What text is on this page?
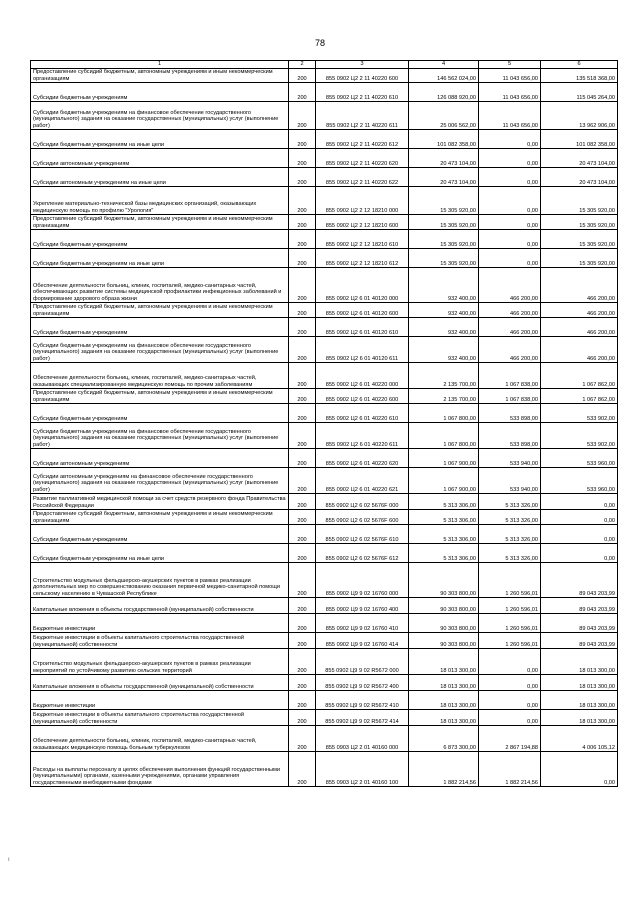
78
1	2	3	4	5	6
Предоставление субсидий бюджетным, автономным учреждениям и иным некоммерческим организациям	200	855 0902 Ц2 2 11 40220 600	146 562 024,00	11 043 656,00	135 518 368,00
Субсидии бюджетным учреждениям	200	855 0902 Ц2 2 11 40220 610	126 088 920,00	11 043 656,00	115 045 264,00
Субсидии бюджетным учреждениям на финансовое обеспечение государственного (муниципального) задания на оказание государственных (муниципальных) услуг (выполнение работ)	200	855 0902 Ц2 2 11 40220 611	25 006 562,00	11 043 656,00	13 962 906,00
Субсидии бюджетным учреждениям на иные цели	200	855 0902 Ц2 2 11 40220 612	101 082 358,00	0,00	101 082 358,00
Субсидии автономным учреждениям	200	855 0902 Ц2 2 11 40220 620	20 473 104,00	0,00	20 473 104,00
Субсидии автономным учреждениям на иные цели	200	855 0902 Ц2 2 11 40220 622	20 473 104,00	0,00	20 473 104,00
Укрепление материально-технической базы медицинских организаций, оказывающих медицинскую помощь по профилю "Урология"	200	855 0902 Ц2 2 12 18210 000	15 305 920,00	0,00	15 305 920,00
Предоставление субсидий бюджетным, автономным учреждениям и иным некоммерческим организациям	200	855 0902 Ц2 2 12 18210 600	15 305 920,00	0,00	15 305 920,00
Субсидии бюджетным учреждениям	200	855 0902 Ц2 2 12 18210 610	15 305 920,00	0,00	15 305 920,00
Субсидии бюджетным учреждениям на иные цели	200	855 0902 Ц2 2 12 18210 612	15 305 920,00	0,00	15 305 920,00
Обеспечение деятельности больниц, клиник, госпиталей, медико-санитарных частей, обеспечивающих развитие системы медицинской профилактики инфекционных заболеваний и формирование здорового образа жизни	200	855 0902 Ц2 6 01 40120 000	932 400,00	466 200,00	466 200,00
Предоставление субсидий бюджетным, автономным учреждениям и иным некоммерческим организациям	200	855 0902 Ц2 6 01 40120 600	932 400,00	466 200,00	466 200,00
Субсидии бюджетным учреждениям	200	855 0902 Ц2 6 01 40120 610	932 400,00	466 200,00	466 200,00
Субсидии бюджетным учреждениям на финансовое обеспечение государственного (муниципального) задания на оказание государственных (муниципальных) услуг (выполнение работ)	200	855 0902 Ц2 6 01 40120 611	932 400,00	466 200,00	466 200,00
Обеспечение деятельности больниц, клиник, госпиталей, медико-санитарных частей, оказывающих специализированную медицинскую помощь по прочим заболеваниям	200	855 0902 Ц2 6 01 40220 000	2 135 700,00	1 067 838,00	1 067 862,00
Предоставление субсидий бюджетным, автономным учреждениям и иным некоммерческим организациям	200	855 0902 Ц2 6 01 40220 600	2 135 700,00	1 067 838,00	1 067 862,00
Субсидии бюджетным учреждениям	200	855 0902 Ц2 6 01 40220 610	1 067 800,00	533 898,00	533 902,00
Субсидии бюджетным учреждениям на финансовое обеспечение государственного (муниципального) задания на оказание государственных (муниципальных) услуг (выполнение работ)	200	855 0902 Ц2 6 01 40220 611	1 067 800,00	533 898,00	533 902,00
Субсидии автономным учреждениям	200	855 0902 Ц2 6 01 40220 620	1 067 900,00	533 940,00	533 960,00
Субсидии автономным учреждениям на финансовое обеспечение государственного (муниципального) задания на оказание государственных (муниципальных) услуг (выполнение работ)	200	855 0902 Ц2 6 01 40220 621	1 067 900,00	533 940,00	533 960,00
Развитие паллиативной медицинской помощи за счет средств резервного фонда Правительства Российской Федерации	200	855 0902 Ц2 6 02 5676F 000	5 313 306,00	5 313 326,00	0,00
Предоставление субсидий бюджетным, автономным учреждениям и иным некоммерческим организациям	200	855 0902 Ц2 6 02 5676F 600	5 313 306,00	5 313 326,00	0,00
Субсидии бюджетным учреждениям	200	855 0902 Ц2 6 02 5676F 610	5 313 306,00	5 313 326,00	0,00
Субсидии бюджетным учреждениям на иные цели	200	855 0902 Ц2 6 02 5676F 612	5 313 306,00	5 313 326,00	0,00
Строительство модульных фельдшерско-акушерских пунктов в рамках реализации дополнительных мер по совершенствованию оказания первичной медико-санитарной помощи сельскому населению в Чувашской Республике	200	855 0902 Ц9 9 02 16760 000	90 303 800,00	1 260 596,01	89 043 203,99
Капитальные вложения в объекты государственной (муниципальной) собственности	200	855 0902 Ц9 9 02 16760 400	90 303 800,00	1 260 596,01	89 043 203,99
Бюджетные инвестиции	200	855 0902 Ц9 9 02 16760 410	90 303 800,00	1 260 596,01	89 043 203,99
Бюджетные инвестиции в объекты капитального строительства государственной (муниципальной) собственности	200	855 0902 Ц9 9 02 16760 414	90 303 800,00	1 260 596,01	89 043 203,99
Строительство модульных фельдшерско-акушерских пунктов в рамках реализации мероприятий по устойчивому развитию сельских территорий	200	855 0902 Ц9 9 02 R5672 000	18 013 300,00	0,00	18 013 300,00
Капитальные вложения в объекты государственной (муниципальной) собственности	200	855 0902 Ц9 9 02 R5672 400	18 013 300,00	0,00	18 013 300,00
Бюджетные инвестиции	200	855 0902 Ц9 9 02 R5672 410	18 013 300,00	0,00	18 013 300,00
Бюджетные инвестиции в объекты капитального строительства государственной (муниципальной) собственности	200	855 0902 Ц9 9 02 R5672 414	18 013 300,00	0,00	18 013 300,00
Обеспечение деятельности больниц, клиник, госпиталей, медико-санитарных частей, оказывающих медицинскую помощь больным туберкулезом	200	855 0903 Ц2 2 01 40160 000	6 873 300,00	2 867 194,88	4 006 105,12
Расходы на выплаты персоналу в целях обеспечения выполнения функций государственными (муниципальными) органами, казенными учреждениями, органами управления государственными внебюджетными фондами	200	855 0903 Ц2 2 01 40160 100	1 882 214,56	1 882 214,56	0,00
ı
